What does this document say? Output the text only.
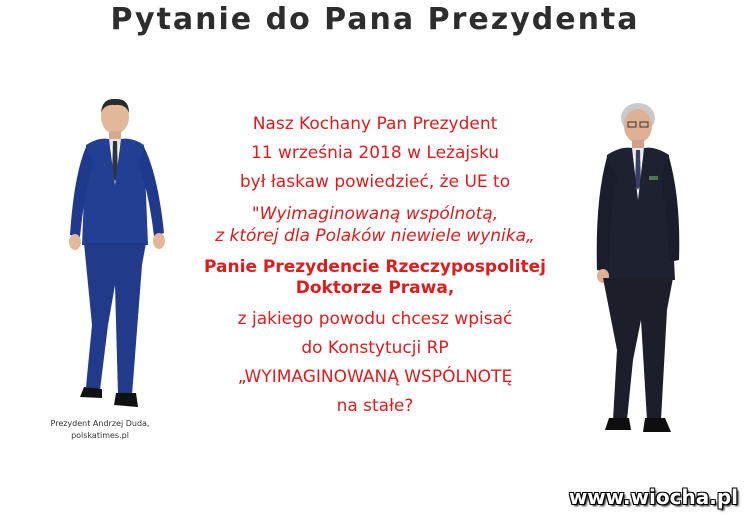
Pytanie do Pana Prezydenta
Prezydent Andrzej Duda,
polskatimes.pl
Nasz Kochany Pan Prezydent
11 września 2018 w Leżajsku
był łaskaw powiedzieć, że UE to
"Wyimaginowaną wspólnotą,
z której dla Polaków niewiele wynika„
Panie Prezydencie Rzeczypospolitej
Doktorze Prawa,
z jakiego powodu chcesz wpisać
do Konstytucji RP
„WYIMAGINOWANĄ WSPÓLNOTĘ
na stałe?
www.wiocha.pl
